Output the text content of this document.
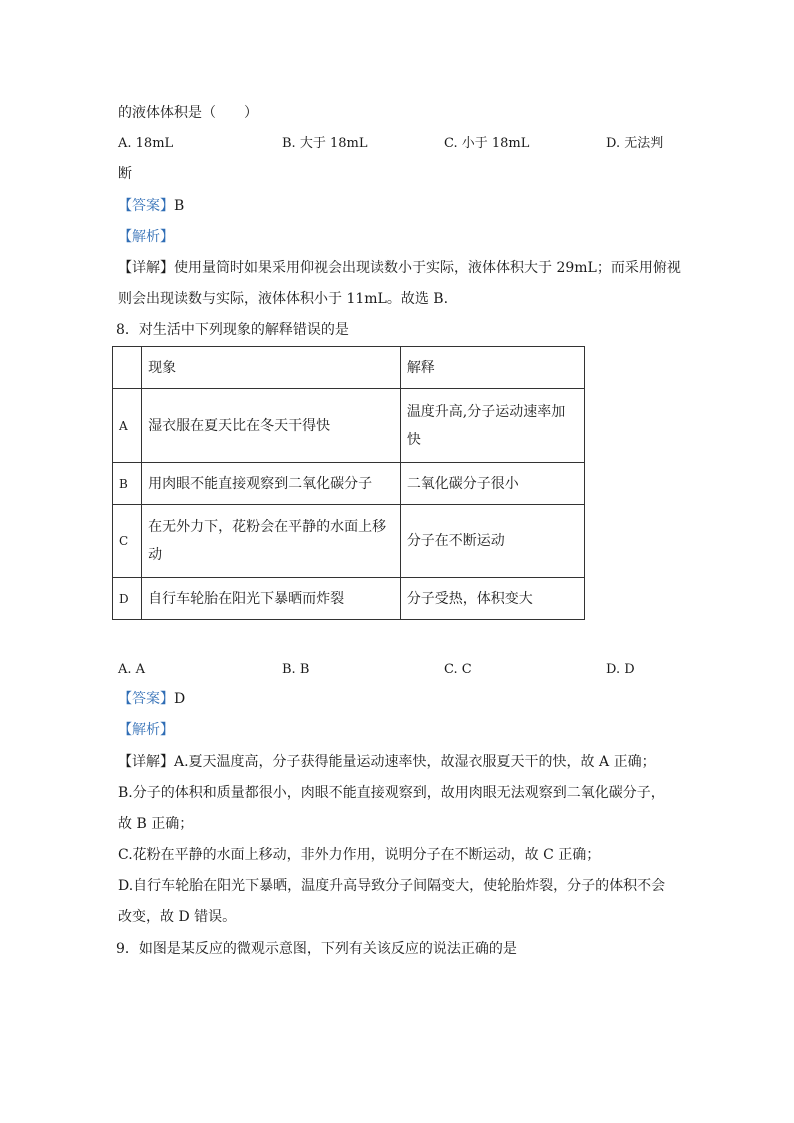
的液体体积是（　　）
A. 18mL	B. 大于 18mL	C. 小于 18mL	D. 无法判
断
【答案】B
【解析】
【详解】使用量筒时如果采用仰视会出现读数小于实际，液体体积大于 29mL；而采用俯视
则会出现读数与实际，液体体积小于 11mL。故选 B.
8．对生活中下列现象的解释错误的是
	现象	解释
A	湿衣服在夏天比在冬天干得快	温度升高,分子运动速率加
快

B	用肉眼不能直接观察到二氧化碳分子	二氧化碳分子很小
C	在无外力下，花粉会在平静的水面上移
动	分子在不断运动
D	自行车轮胎在阳光下暴晒而炸裂	分子受热，体积变大
A. A	B. B	C. C	D. D
【答案】D
【解析】
【详解】A.夏天温度高，分子获得能量运动速率快，故湿衣服夏天干的快，故 A 正确；
B.分子的体积和质量都很小，肉眼不能直接观察到，故用肉眼无法观察到二氧化碳分子，
故 B 正确；
C.花粉在平静的水面上移动，非外力作用，说明分子在不断运动，故 C 正确；
D.自行车轮胎在阳光下暴晒，温度升高导致分子间隔变大，使轮胎炸裂，分子的体积不会
改变，故 D 错误。
9．如图是某反应的微观示意图，下列有关该反应的说法正确的是
